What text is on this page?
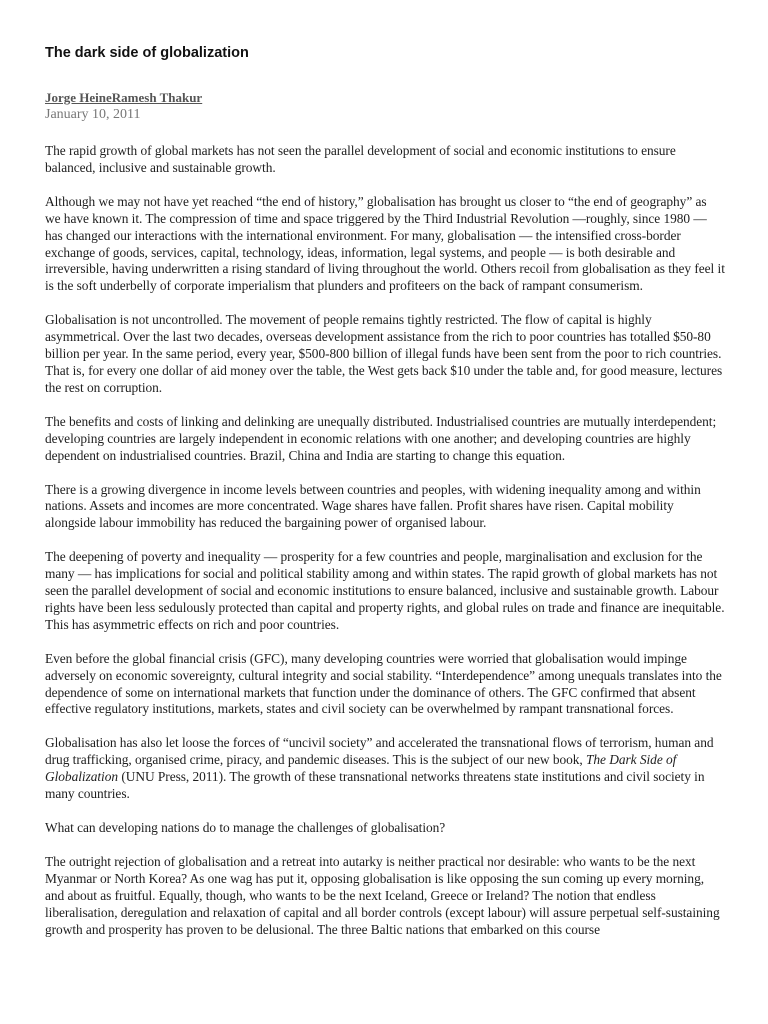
The dark side of globalization
Jorge HeineRamesh Thakur
January 10, 2011

The rapid growth of global markets has not seen the parallel development of social and economic institutions to ensure balanced, inclusive and sustainable growth.

Although we may not have yet reached “the end of history,” globalisation has brought us closer to “the end of geography” as we have known it. The compression of time and space triggered by the Third Industrial Revolution —roughly, since 1980 — has changed our interactions with the international environment. For many, globalisation — the intensified cross-border exchange of goods, services, capital, technology, ideas, information, legal systems, and people — is both desirable and irreversible, having underwritten a rising standard of living throughout the world. Others recoil from globalisation as they feel it is the soft underbelly of corporate imperialism that plunders and profiteers on the back of rampant consumerism.

Globalisation is not uncontrolled. The movement of people remains tightly restricted. The flow of capital is highly asymmetrical. Over the last two decades, overseas development assistance from the rich to poor countries has totalled $50-80 billion per year. In the same period, every year, $500-800 billion of illegal funds have been sent from the poor to rich countries. That is, for every one dollar of aid money over the table, the West gets back $10 under the table and, for good measure, lectures the rest on corruption.

The benefits and costs of linking and delinking are unequally distributed. Industrialised countries are mutually interdependent; developing countries are largely independent in economic relations with one another; and developing countries are highly dependent on industrialised countries. Brazil, China and India are starting to change this equation.

There is a growing divergence in income levels between countries and peoples, with widening inequality among and within nations. Assets and incomes are more concentrated. Wage shares have fallen. Profit shares have risen. Capital mobility alongside labour immobility has reduced the bargaining power of organised labour.

The deepening of poverty and inequality — prosperity for a few countries and people, marginalisation and exclusion for the many — has implications for social and political stability among and within states. The rapid growth of global markets has not seen the parallel development of social and economic institutions to ensure balanced, inclusive and sustainable growth. Labour rights have been less sedulously protected than capital and property rights, and global rules on trade and finance are inequitable. This has asymmetric effects on rich and poor countries.

Even before the global financial crisis (GFC), many developing countries were worried that globalisation would impinge adversely on economic sovereignty, cultural integrity and social stability. “Interdependence” among unequals translates into the dependence of some on international markets that function under the dominance of others. The GFC confirmed that absent effective regulatory institutions, markets, states and civil society can be overwhelmed by rampant transnational forces.

Globalisation has also let loose the forces of “uncivil society” and accelerated the transnational flows of terrorism, human and drug trafficking, organised crime, piracy, and pandemic diseases. This is the subject of our new book, The Dark Side of Globalization (UNU Press, 2011). The growth of these transnational networks threatens state institutions and civil society in many countries.

What can developing nations do to manage the challenges of globalisation?

The outright rejection of globalisation and a retreat into autarky is neither practical nor desirable: who wants to be the next Myanmar or North Korea? As one wag has put it, opposing globalisation is like opposing the sun coming up every morning, and about as fruitful. Equally, though, who wants to be the next Iceland, Greece or Ireland? The notion that endless liberalisation, deregulation and relaxation of capital and all border controls (except labour) will assure perpetual self-sustaining growth and prosperity has proven to be delusional. The three Baltic nations that embarked on this course
